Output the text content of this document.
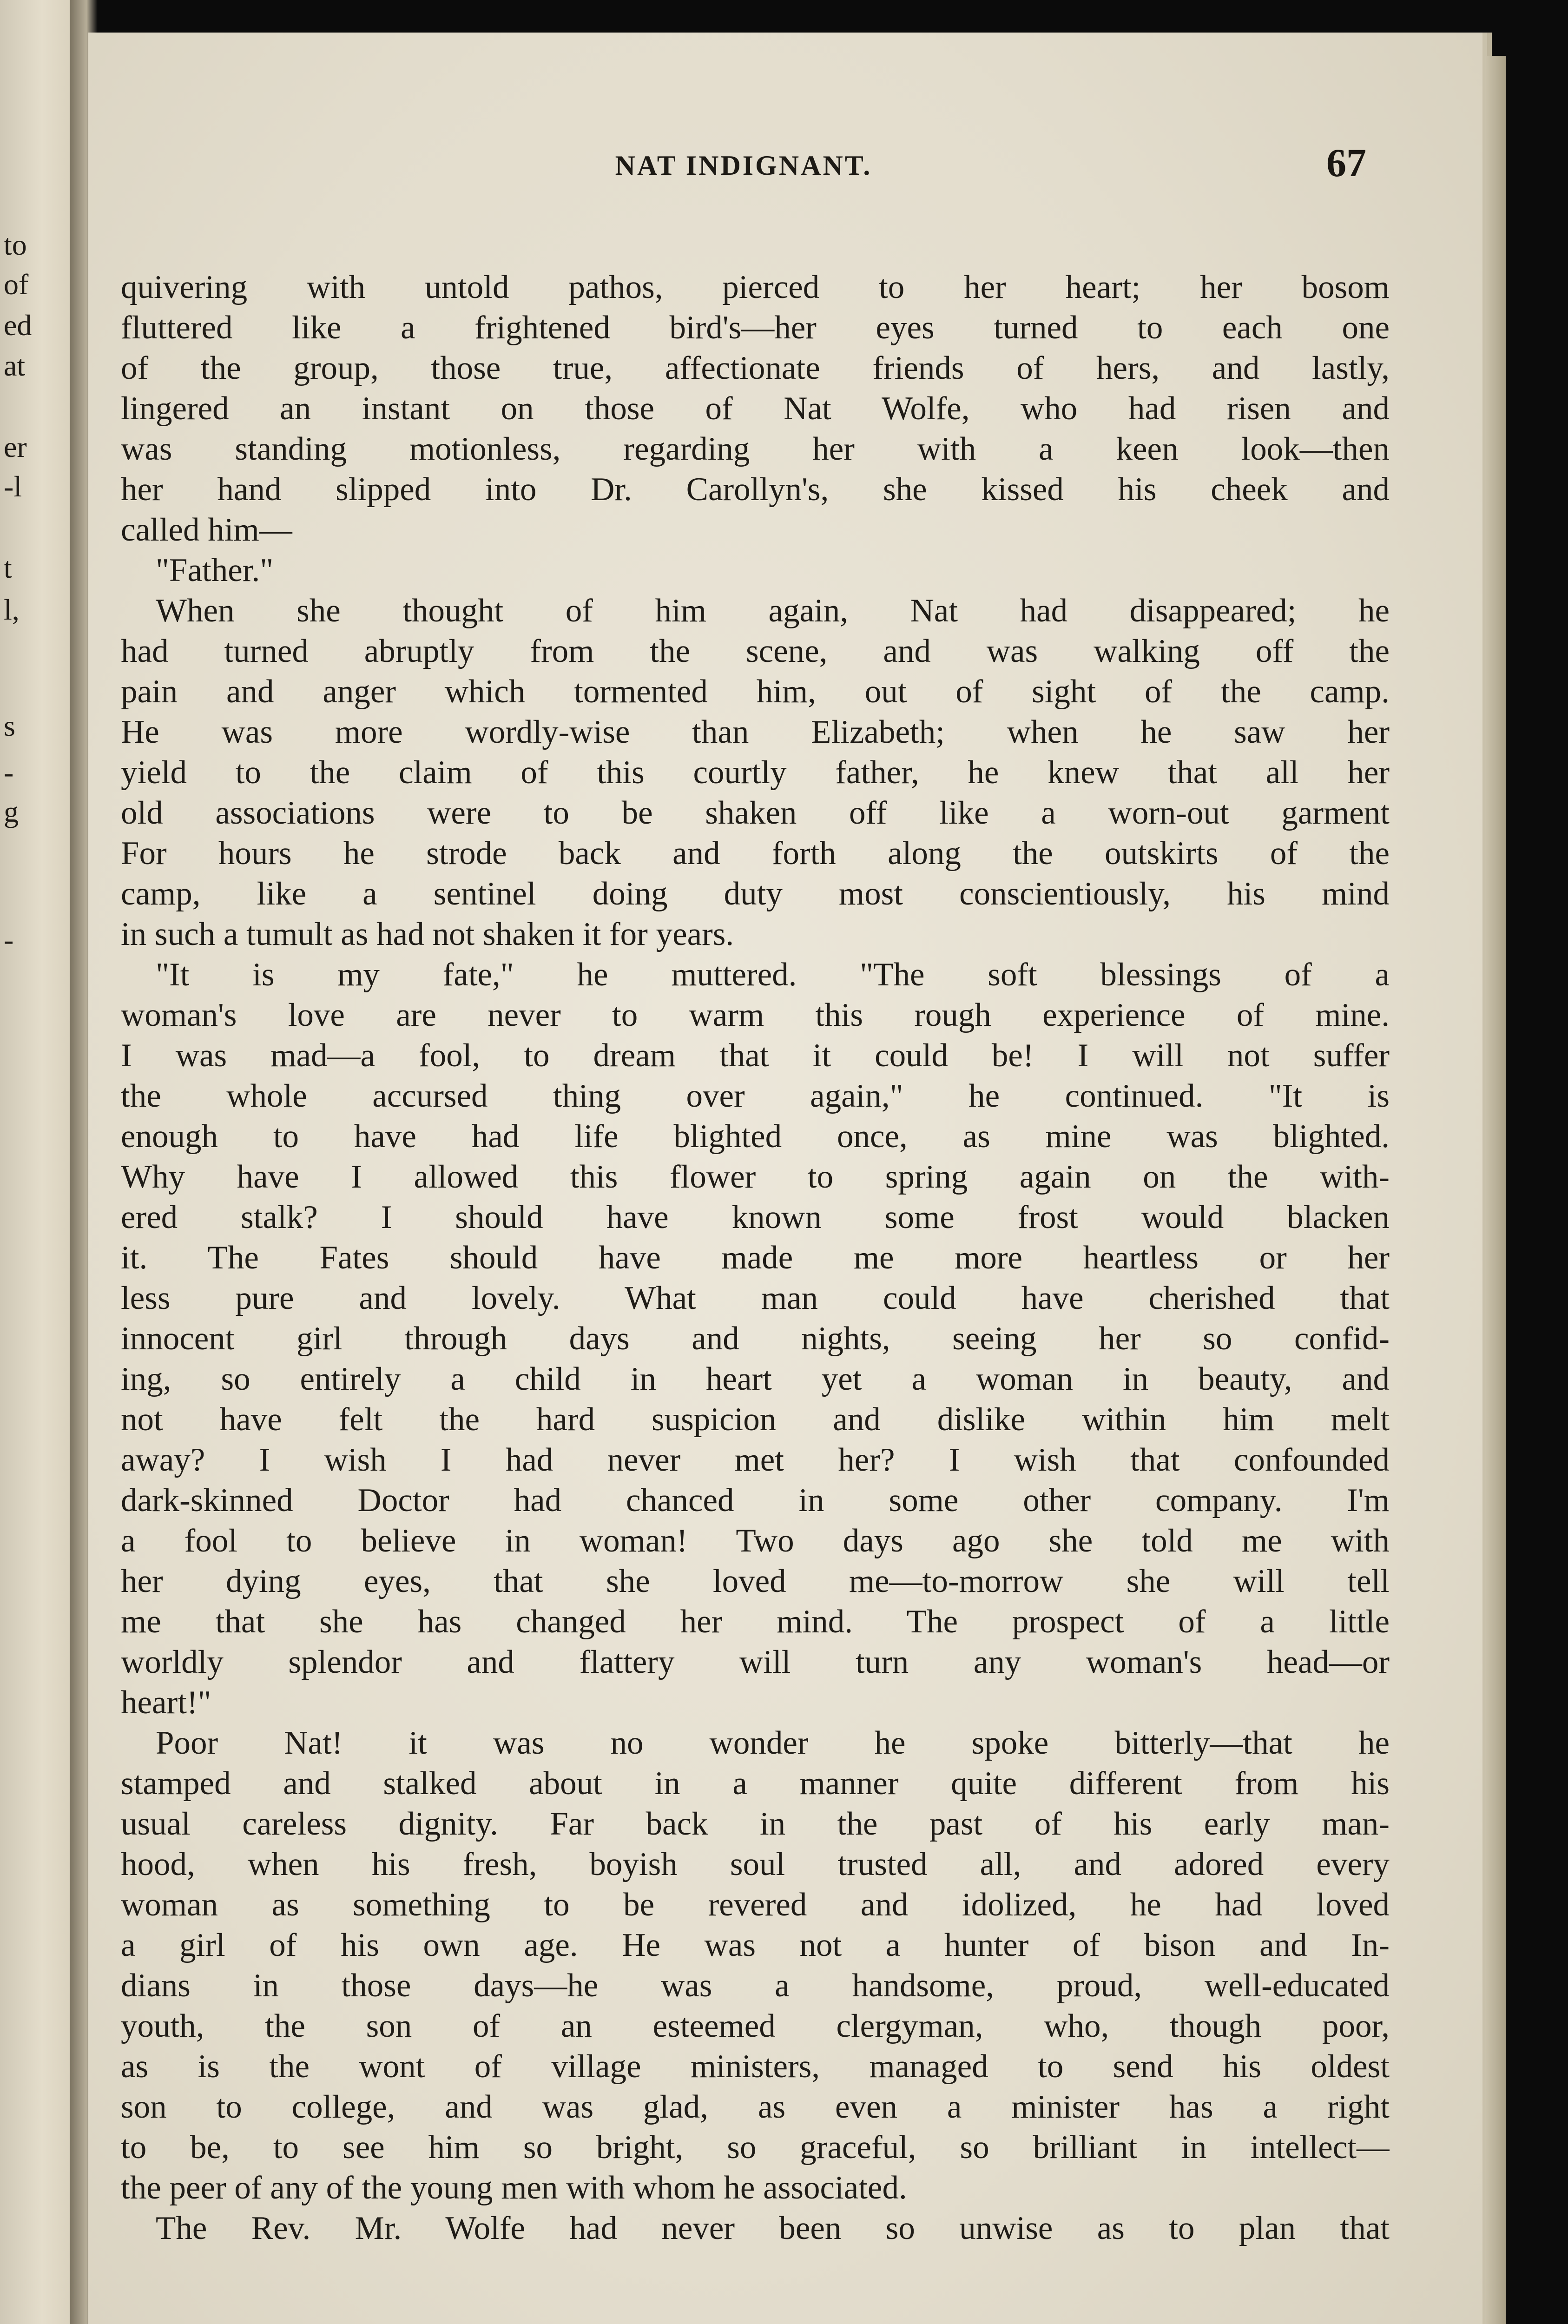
to
of
ed
at
er
-l
t
l,
s
-
g
-
NAT INDIGNANT.	67
quivering with untold pathos, pierced to her heart; her bosom
fluttered like a frightened bird's—her eyes turned to each one
of the group, those true, affectionate friends of hers, and lastly,
lingered an instant on those of Nat Wolfe, who had risen and
was standing motionless, regarding her with a keen look—then
her hand slipped into Dr. Carollyn's, she kissed his cheek and
called him—
"Father."
When she thought of him again, Nat had disappeared; he
had turned abruptly from the scene, and was walking off the
pain and anger which tormented him, out of sight of the camp.
He was more wordly-wise than Elizabeth; when he saw her
yield to the claim of this courtly father, he knew that all her
old associations were to be shaken off like a worn-out garment
For hours he strode back and forth along the outskirts of the
camp, like a sentinel doing duty most conscientiously, his mind
in such a tumult as had not shaken it for years.
"It is my fate," he muttered. "The soft blessings of a
woman's love are never to warm this rough experience of mine.
I was mad—a fool, to dream that it could be! I will not suffer
the whole accursed thing over again," he continued. "It is
enough to have had life blighted once, as mine was blighted.
Why have I allowed this flower to spring again on the with-
ered stalk? I should have known some frost would blacken
it. The Fates should have made me more heartless or her
less pure and lovely. What man could have cherished that
innocent girl through days and nights, seeing her so confid-
ing, so entirely a child in heart yet a woman in beauty, and
not have felt the hard suspicion and dislike within him melt
away? I wish I had never met her? I wish that confounded
dark-skinned Doctor had chanced in some other company. I'm
a fool to believe in woman! Two days ago she told me with
her dying eyes, that she loved me—to-morrow she will tell
me that she has changed her mind. The prospect of a little
worldly splendor and flattery will turn any woman's head—or
heart!"
Poor Nat! it was no wonder he spoke bitterly—that he
stamped and stalked about in a manner quite different from his
usual careless dignity. Far back in the past of his early man-
hood, when his fresh, boyish soul trusted all, and adored every
woman as something to be revered and idolized, he had loved
a girl of his own age. He was not a hunter of bison and In-
dians in those days—he was a handsome, proud, well-educated
youth, the son of an esteemed clergyman, who, though poor,
as is the wont of village ministers, managed to send his oldest
son to college, and was glad, as even a minister has a right
to be, to see him so bright, so graceful, so brilliant in intellect—
the peer of any of the young men with whom he associated.
The Rev. Mr. Wolfe had never been so unwise as to plan that
